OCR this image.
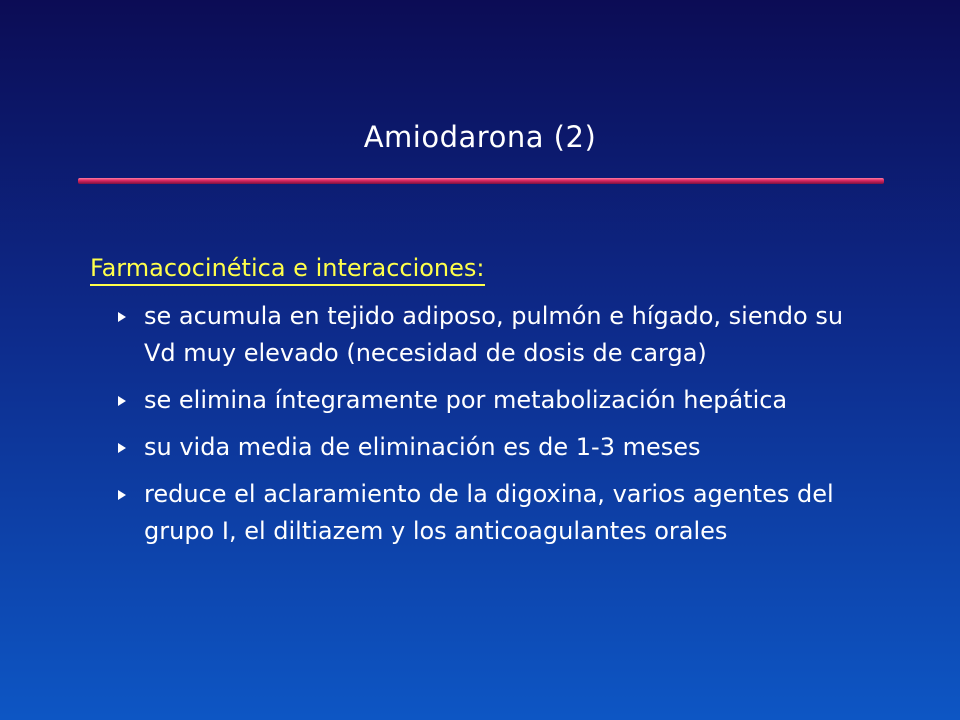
Amiodarona (2)
Farmacocinética e interacciones:
se acumula en tejido adiposo, pulmón e hígado, siendo su Vd muy elevado (necesidad de dosis de carga)
se elimina íntegramente por metabolización hepática
su vida media de eliminación es de 1-3 meses
reduce el aclaramiento de la digoxina, varios agentes del grupo I, el diltiazem y los anticoagulantes orales
